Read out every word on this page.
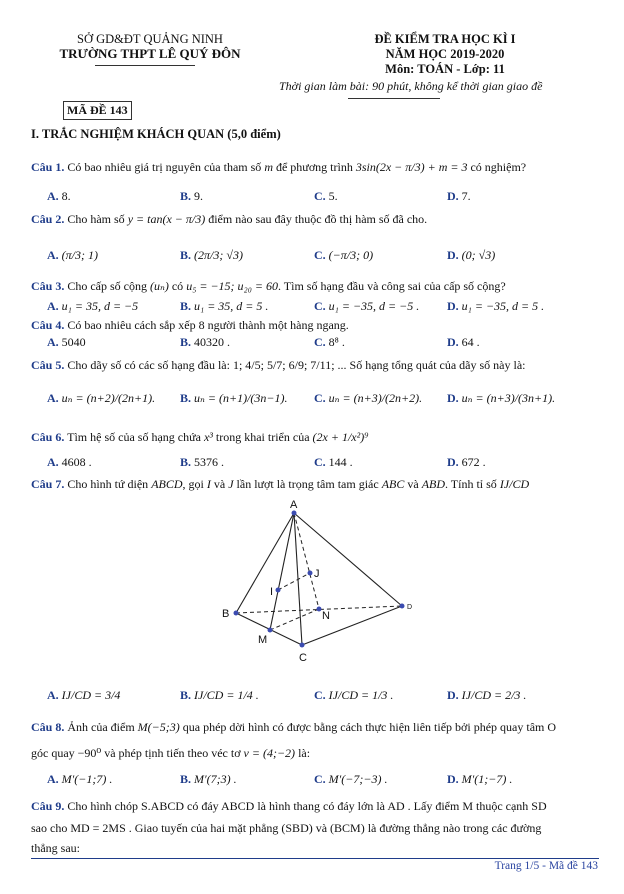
SỞ GD&ĐT QUẢNG NINH
TRƯỜNG THPT LÊ QUÝ ĐÔN
ĐỀ KIỂM TRA HỌC KÌ I
NĂM HỌC 2019-2020
Môn: TOÁN - Lớp: 11
Thời gian làm bài: 90 phút, không kể thời gian giao đề
MÃ ĐỀ 143
I. TRẮC NGHIỆM KHÁCH QUAN (5,0 điểm)
Câu 1. Có bao nhiêu giá trị nguyên của tham số m để phương trình 3sin(2x − π/3) + m = 3 có nghiệm?
A. 8.	B. 9.	C. 5.	D. 7.
Câu 2. Cho hàm số y = tan(x − π/3) điểm nào sau đây thuộc đồ thị hàm số đã cho.
A. (π/3; 1)	B. (2π/3; √3)	C. (−π/3; 0)	D. (0; √3)
Câu 3. Cho cấp số cộng (uₙ) có u₅ = −15; u₂₀ = 60. Tìm số hạng đầu và công sai của cấp số cộng?
A. u₁ = 35, d = −5	B. u₁ = 35, d = 5 .	C. u₁ = −35, d = −5 . D. u₁ = −35, d = 5 .
Câu 4. Có bao nhiêu cách sắp xếp 8 người thành một hàng ngang.
A. 5040	B. 40320 .	C. 8⁸ .	D. 64 .
Câu 5. Cho dãy số có các số hạng đầu là: 1; 4/5; 5/7; 6/9; 7/11; ... Số hạng tổng quát của dãy số này là:
A. uₙ = (n+2)/(2n+1). B. uₙ = (n+1)/(3n−1). C. uₙ = (n+3)/(2n+2). D. uₙ = (n+3)/(3n+1).
Câu 6. Tìm hệ số của số hạng chứa x³ trong khai triển của (2x + 1/x²)⁹
A. 4608 .	B. 5376 .	C. 144 .	D. 672 .
Câu 7. Cho hình tứ diện ABCD, gọi I và J lần lượt là trọng tâm tam giác ABC và ABD. Tính tỉ số IJ/CD
A
B
C
D
I
J
M
N
A. IJ/CD = 3/4	B. IJ/CD = 1/4 .	C. IJ/CD = 1/3 .	D. IJ/CD = 2/3 .
Câu 8. Ảnh của điểm M(−5;3) qua phép dời hình có được bằng cách thực hiện liên tiếp bởi phép quay tâm O
góc quay −90⁰ và phép tịnh tiến theo véc tơ v = (4;−2) là:
A. M′(−1;7) .	B. M′(7;3) .	C. M′(−7;−3) .	D. M′(1;−7) .
Câu 9. Cho hình chóp S.ABCD có đáy ABCD là hình thang có đáy lớn là AD . Lấy điểm M thuộc cạnh SD
sao cho MD = 2MS . Giao tuyến của hai mặt phẳng (SBD) và (BCM) là đường thẳng nào trong các đường
thẳng sau:
Trang 1/5 - Mã đề 143
